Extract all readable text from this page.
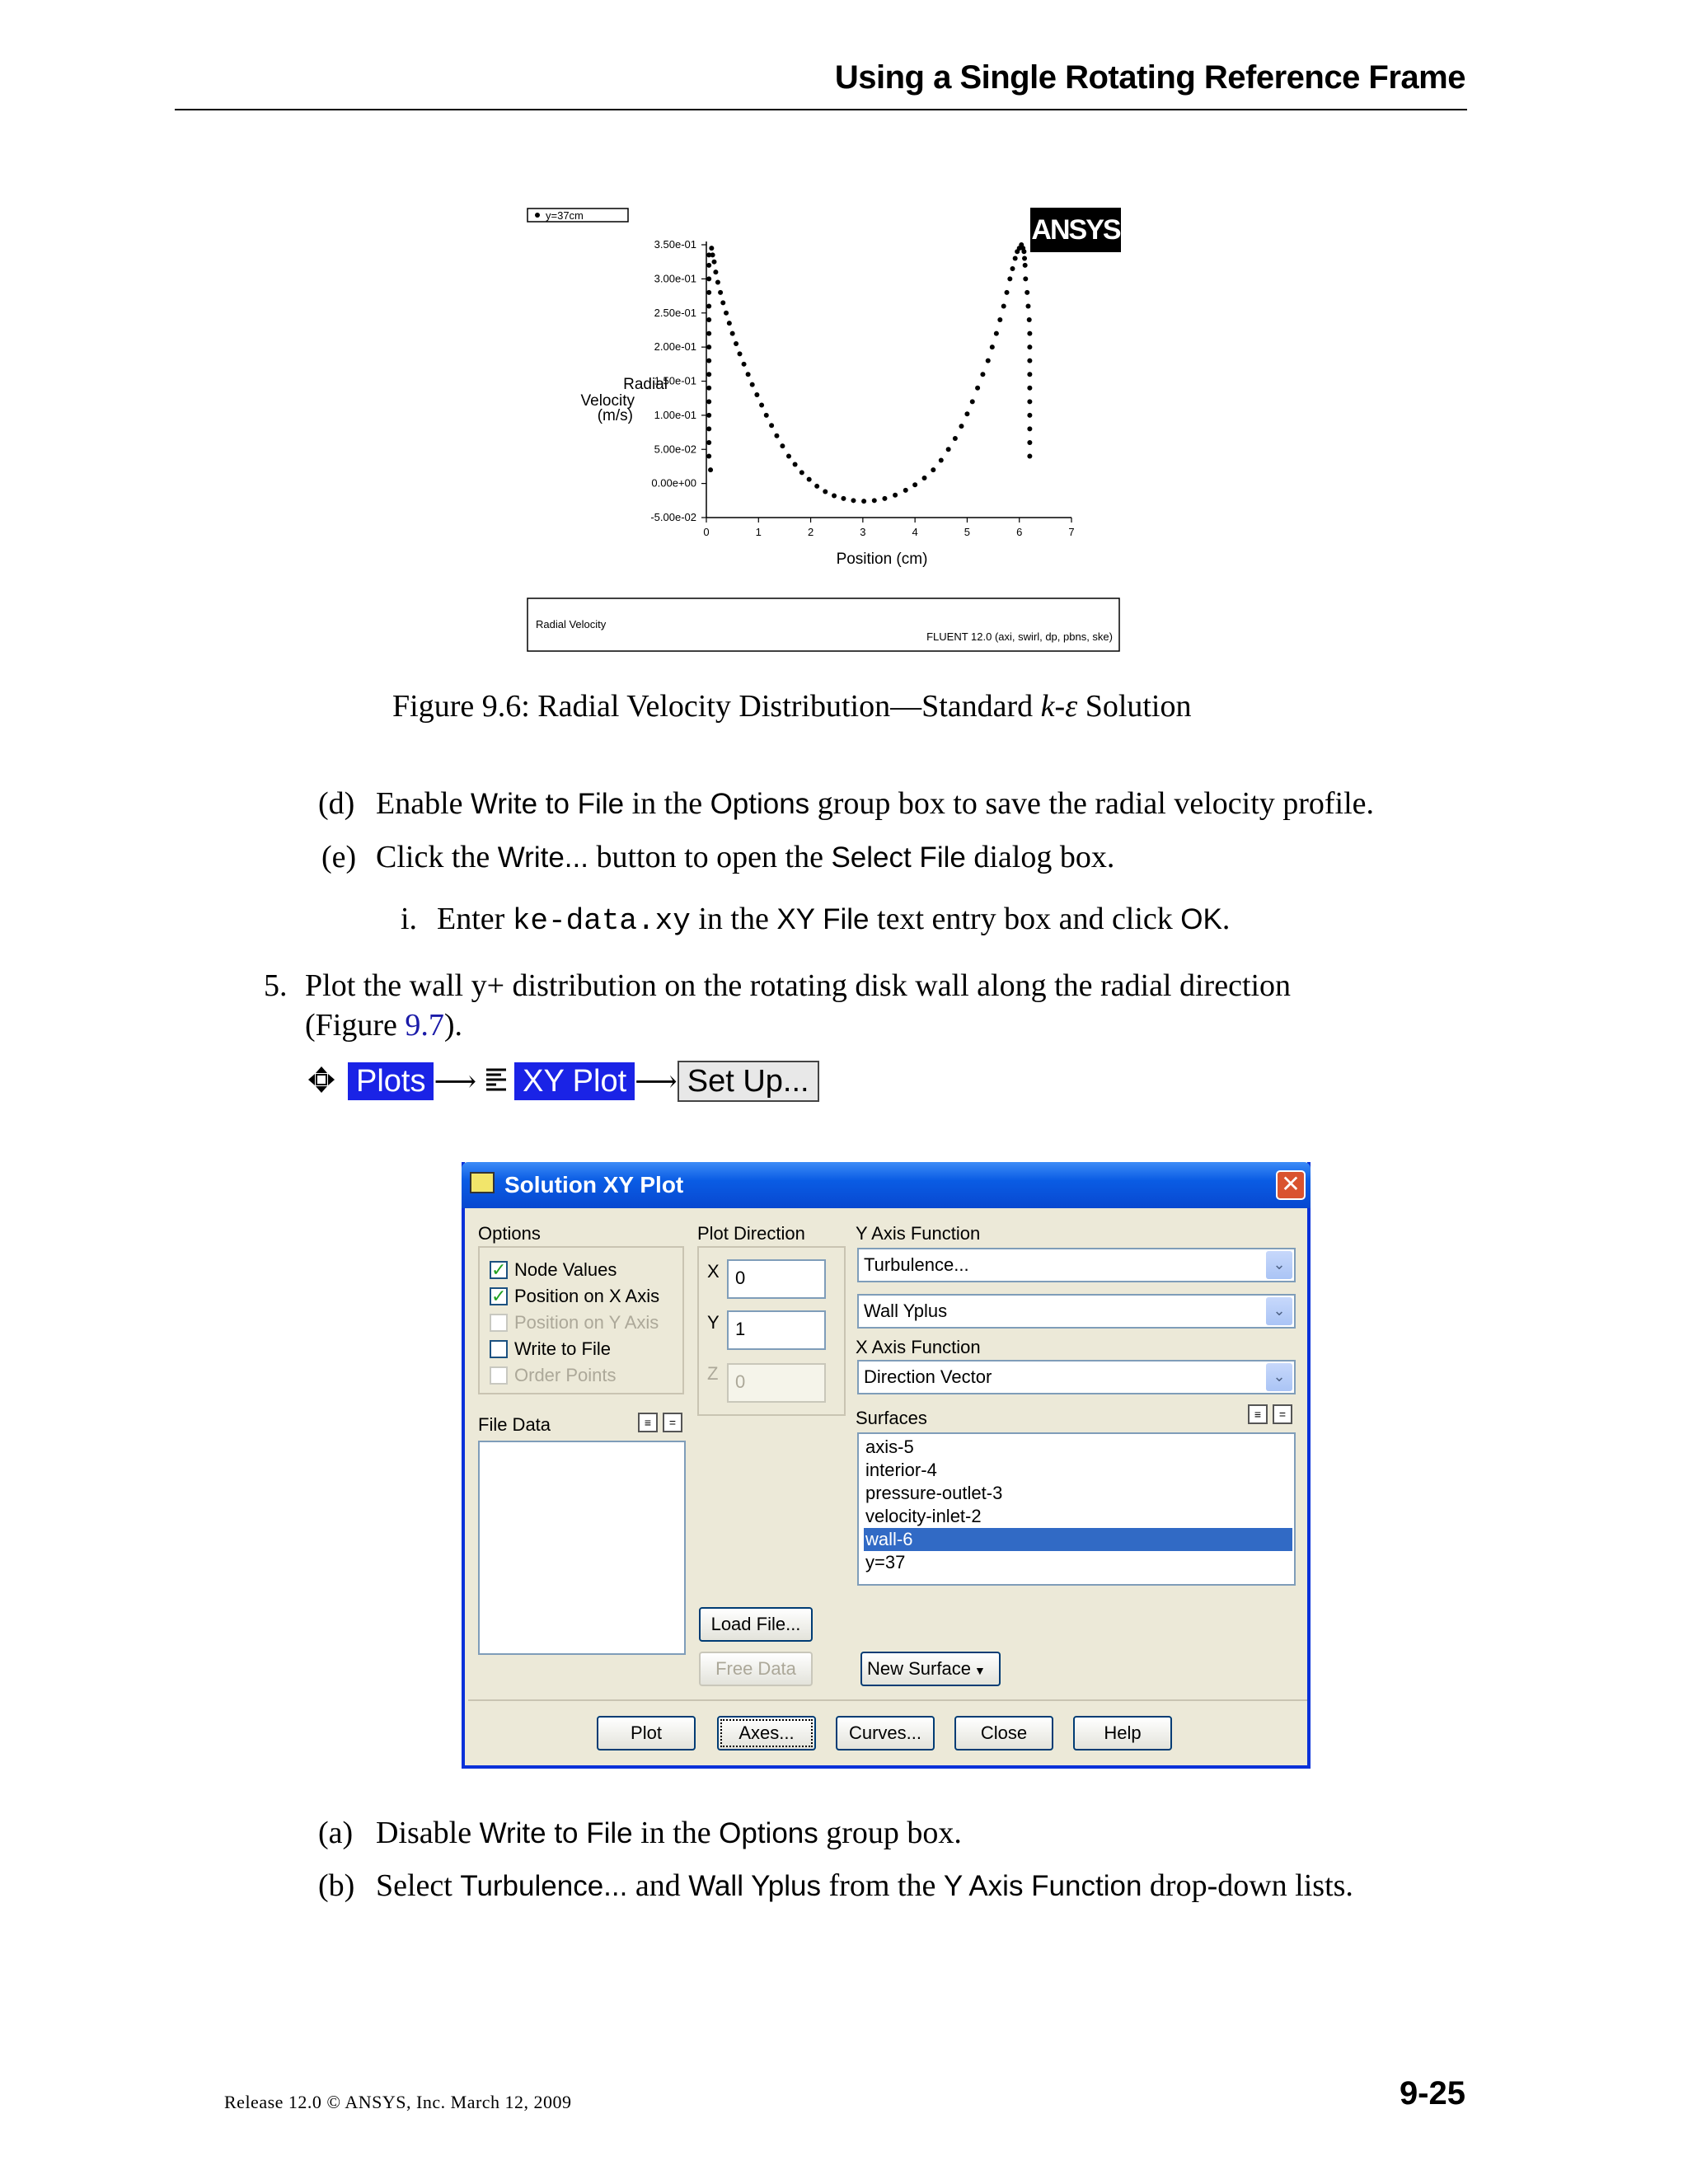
Using a Single Rotating Reference Frame
y=37cm	ANSYS
-5.00e-02
0.00e+00
5.00e-02
1.00e-01
1.50e-01
2.00e-01
2.50e-01
3.00e-01
3.50e-01
0	1	2	3	4	5	6	7
Radial
Velocity
(m/s)
Position (cm)
Radial Velocity
FLUENT 12.0 (axi, swirl, dp, pbns, ske)
Figure 9.6: Radial Velocity Distribution—Standard k-ε Solution
(d) Enable Write to File in the Options group box to save the radial velocity profile.
(e) Click the Write... button to open the Select File dialog box.
i. Enter ke-data.xy in the XY File text entry box and click OK.
5. Plot the wall y+ distribution on the rotating disk wall along the radial direction
(Figure 9.7).
Plots ⟶ XY Plot ⟶ Set Up...
Solution XY Plot	✕
Options
✓ Node Values
✓ Position on X Axis
Position on Y Axis
Write to File
Order Points
File Data	≡	=
Plot Direction
X 0
Y 1
Z 0
Load File...
Free Data
Y Axis Function
Turbulence...	⌄
Wall Yplus	⌄
X Axis Function
Direction Vector	⌄
Surfaces	≡	=
axis-5
interior-4
pressure-outlet-3
velocity-inlet-2
wall-6
y=37
New Surface ▼
Plot	Axes...	Curves...	Close	Help
(a) Disable Write to File in the Options group box.
(b) Select Turbulence... and Wall Yplus from the Y Axis Function drop-down lists.
Release 12.0 © ANSYS, Inc. March 12, 2009	9-25
